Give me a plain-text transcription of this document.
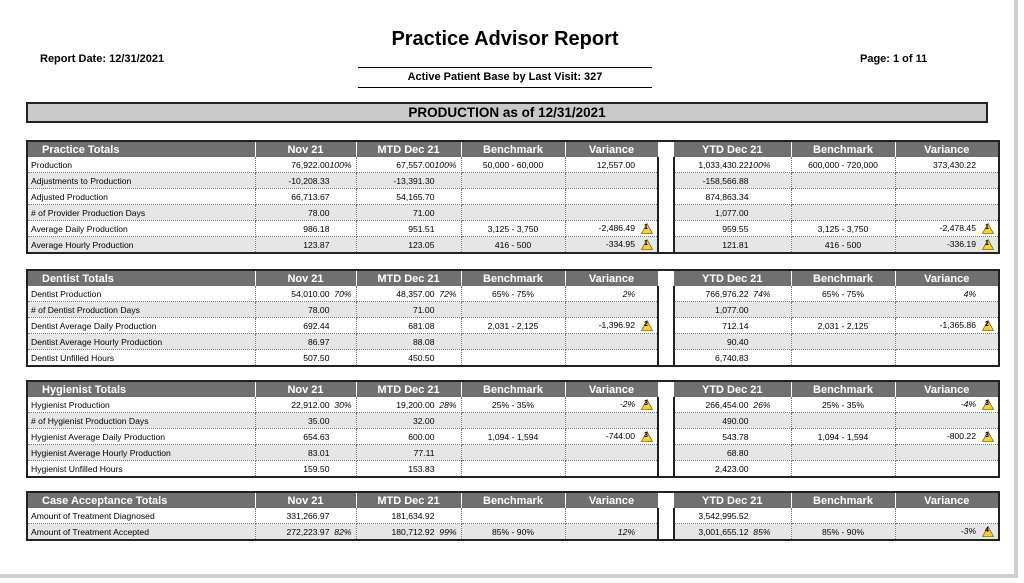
Report Date: 12/31/2021
Practice Advisor Report
Active Patient Base by Last Visit: 327
Page: 1 of 11
PRODUCTION as of 12/31/2021
Practice Totals	Nov 21	MTD Dec 21	Benchmark	Variance		YTD Dec 21	Benchmark	Variance
Production	76,922.00100%	67,557.00100%	50,000 - 60,000	12,557.00		1,033,430.22100%	600,000 - 720,000	373,430.22
Adjustments to Production	-10,208.33	-13,391.30				-158,566.88		
Adjusted Production	66,713.67	54,165.70				874,863.34		
# of Provider Production Days	78.00	71.00				1,077.00		
Average Daily Production	986.18	951.51	3,125 - 3,750	-2,486.49 1		959.55	3,125 - 3,750	-2,478.45 1

Average Hourly Production	123.87	123.05	416 - 500	-334.95 1		121.81	416 - 500	-336.19 1
Dentist Totals	Nov 21	MTD Dec 21	Benchmark	Variance		YTD Dec 21	Benchmark	Variance
Dentist Production	54,010.00 70%	48,357.00 72%	65% - 75%	2%		766,976.22 74%	65% - 75%	4%
# of Dentist Production Days	78.00	71.00				1,077.00		
Dentist Average Daily Production	692.44	681.08	2,031 - 2,125	-1,396.92 2		712.14	2,031 - 2,125	-1,365.86 2

Dentist Average Hourly Production	86.97	88.08				90.40		
Dentist Unfilled Hours	507.50	450.50				6,740.83		
Hygienist Totals	Nov 21	MTD Dec 21	Benchmark	Variance		YTD Dec 21	Benchmark	Variance
Hygienist Production	22,912.00 30%	19,200.00 28%	25% - 35%	-2% 3		266,454.00 26%	25% - 35%	-4% 3

# of Hygienist Production Days	35.00	32.00				490.00		
Hygienist Average Daily Production	654.63	600.00	1,094 - 1,594	-744.00 3		543.78	1,094 - 1,594	-800.22 3

Hygienist Average Hourly Production	83.01	77.11				68.80		
Hygienist Unfilled Hours	159.50	153.83				2,423.00		
Case Acceptance Totals	Nov 21	MTD Dec 21	Benchmark	Variance		YTD Dec 21	Benchmark	Variance
Amount of Treatment Diagnosed	331,266.97	181,634.92				3,542,995.52		
Amount of Treatment Accepted	272,223.97 82%	180,712.92 99%	85% - 90%	12%		3,001,655.12 85%	85% - 90%	-3% 4
